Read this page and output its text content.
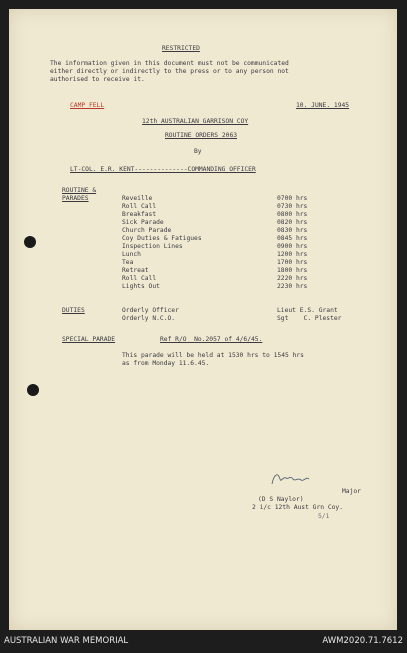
RESTRICTED
The information given in this document must not be communicated
either directly or indirectly to the press or to any person not
authorised to receive it.
CAMP FELL	10. JUNE. 1945
12th AUSTRALIAN GARRISON COY
ROUTINE ORDERS 2063
By
LT-COL. E.R. KENT--------------COMMANDING OFFICER
ROUTINE &
PARADES	Reveille	0700 hrs
Roll Call	0730 hrs
Breakfast	0800 hrs
Sick Parade	0820 hrs
Church Parade	0830 hrs
Coy Duties & Fatigues	0845 hrs
Inspection Lines	0900 hrs
Lunch	1200 hrs
Tea	1700 hrs
Retreat	1800 hrs
Roll Call	2220 hrs
Lights Out	2230 hrs
DUTIES	Orderly Officer	Lieut E.S. Grant
Orderly N.C.O.	Sgt    C. Plester
SPECIAL PARADE	Ref R/O  No.2057 of 4/6/45.
This parade will be held at 1530 hrs to 1545 hrs
as from Monday 11.6.45.
Major
(D S Naylor)
2 i/c 12th Aust Grn Coy.
5/1
AUSTRALIAN WAR MEMORIAL	AWM2020.71.7612
